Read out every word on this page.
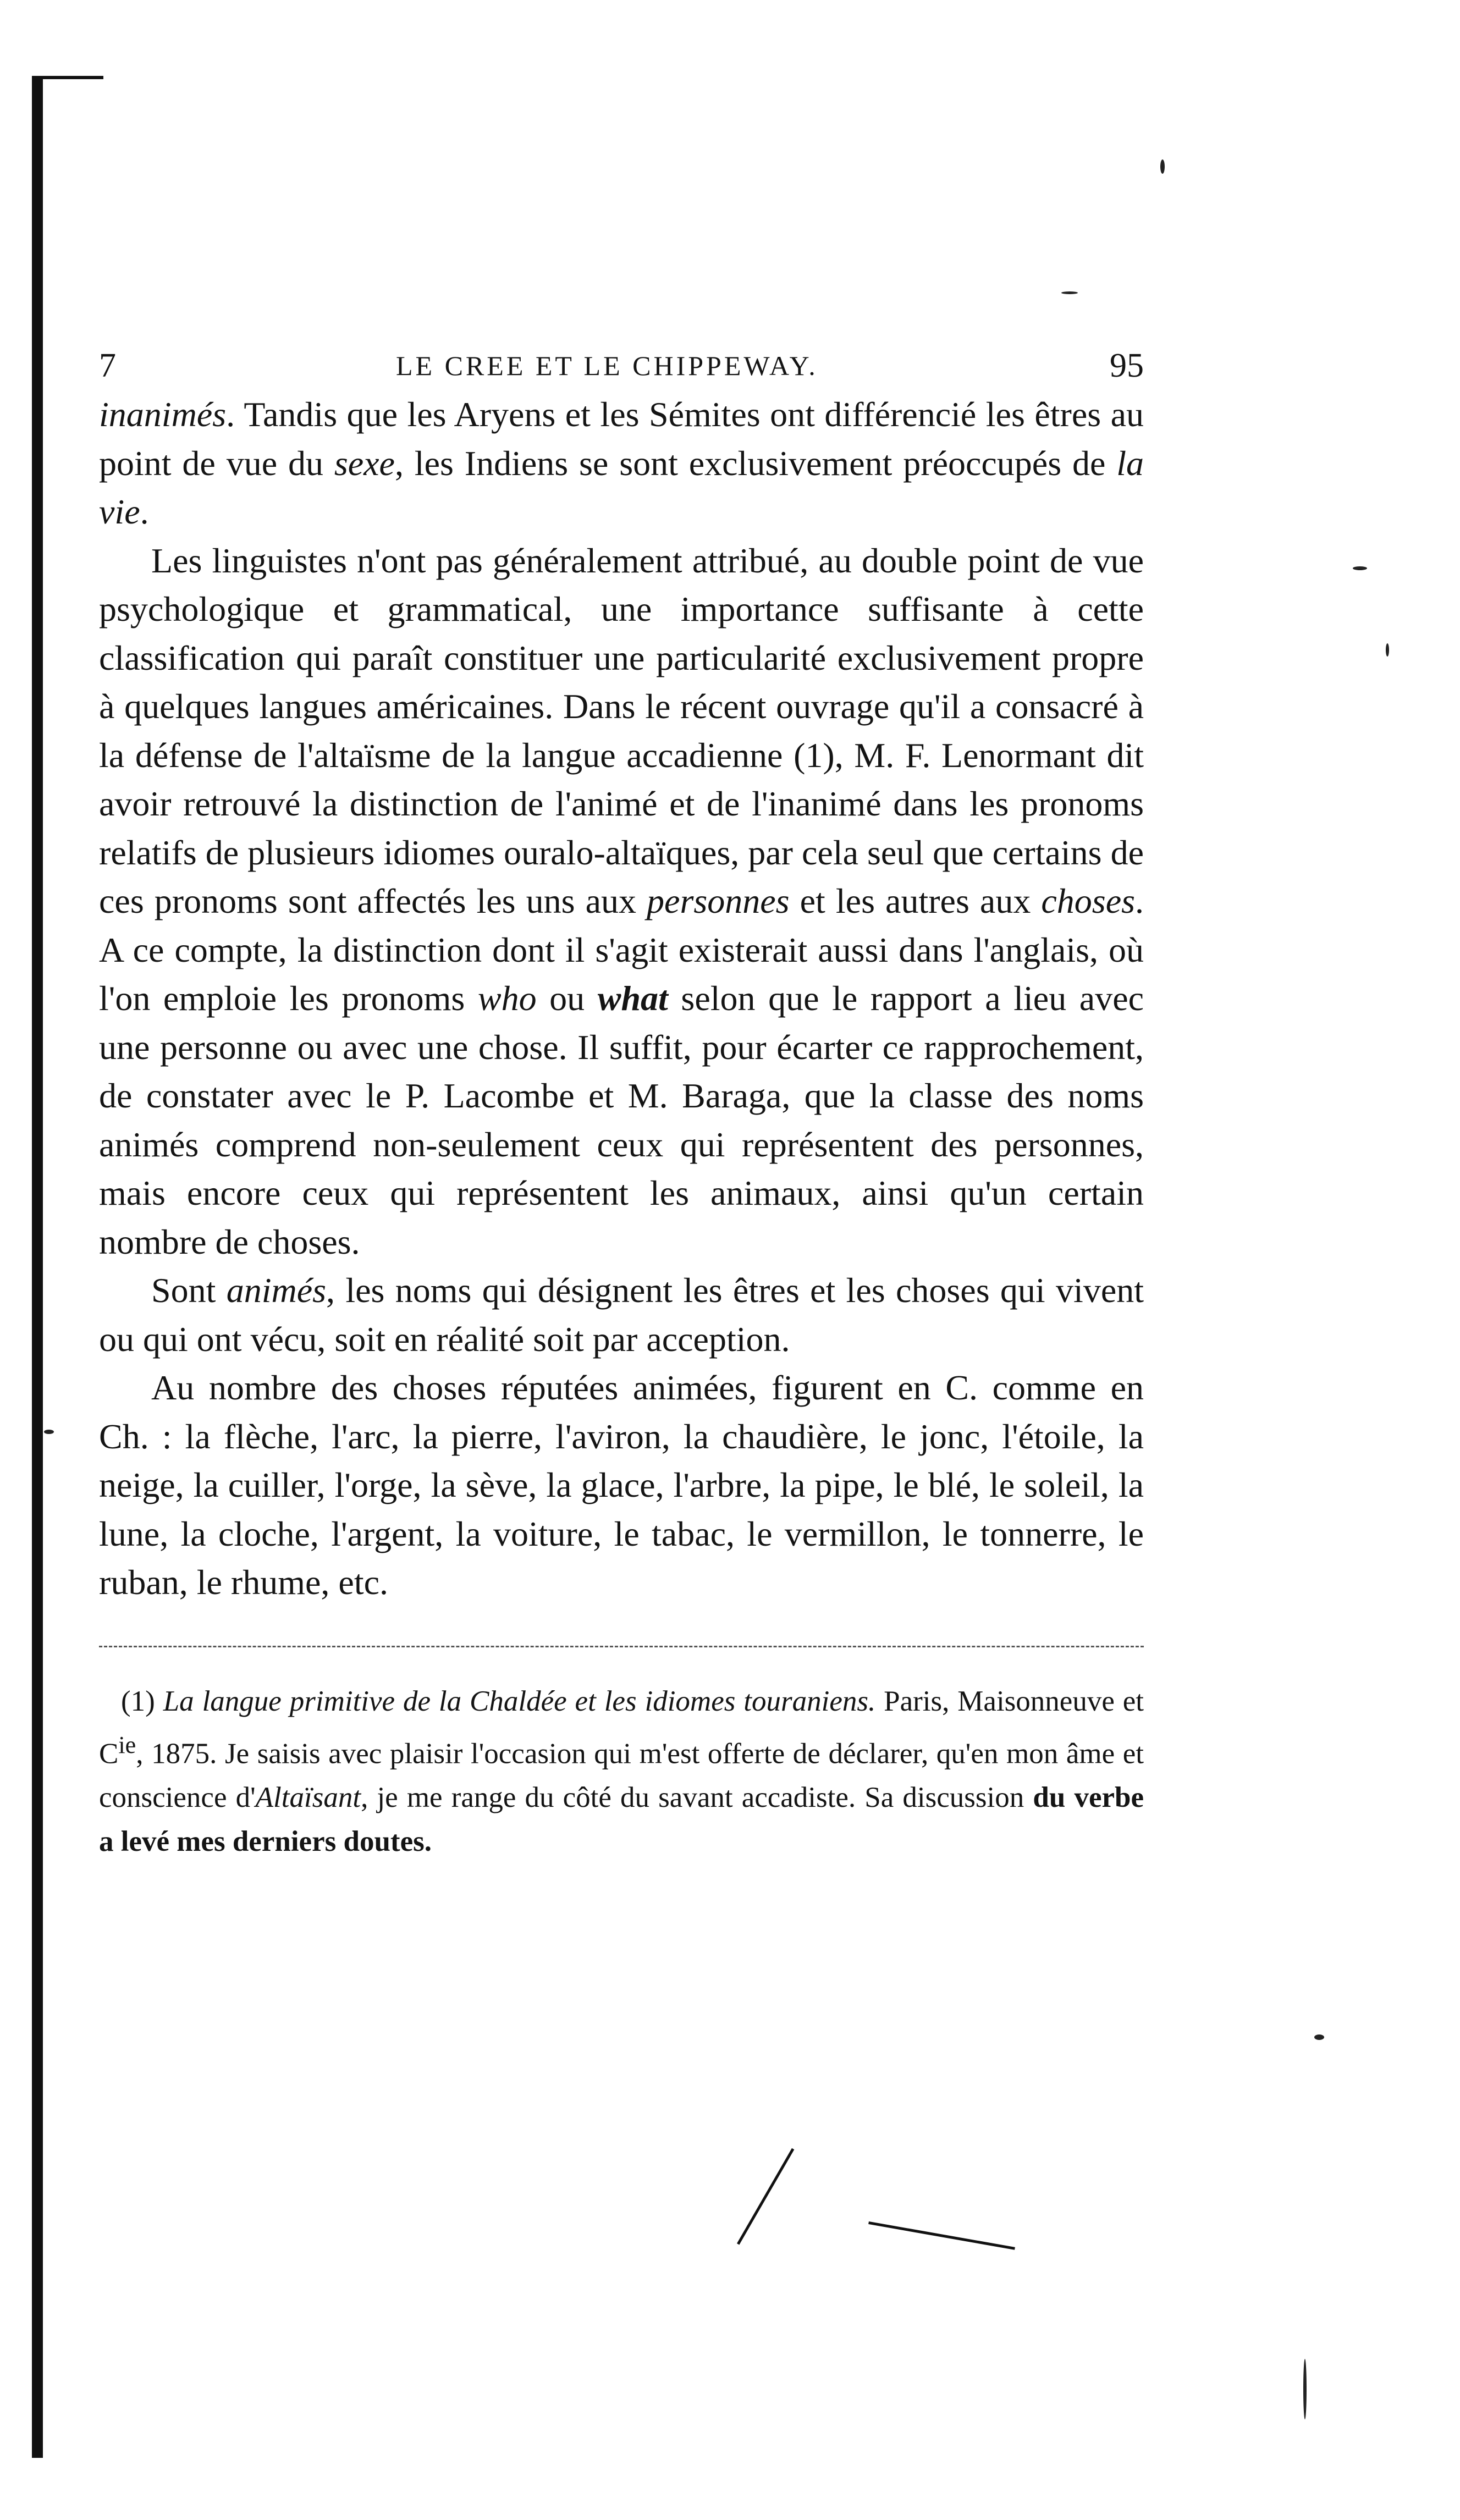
7	LE CREE ET LE CHIPPEWAY.	95

inanimés. Tandis que les Aryens et les Sémites ont différencié les êtres au point de vue du sexe, les Indiens se sont exclusivement préoccupés de la vie.

Les linguistes n'ont pas généralement attribué, au double point de vue psychologique et grammatical, une importance suffisante à cette classification qui paraît constituer une particularité exclusivement propre à quelques langues américaines. Dans le récent ouvrage qu'il a consacré à la défense de l'altaïsme de la langue accadienne (1), M. F. Lenormant dit avoir retrouvé la distinction de l'animé et de l'inanimé dans les pronoms relatifs de plusieurs idiomes ouralo-altaïques, par cela seul que certains de ces pronoms sont affectés les uns aux personnes et les autres aux choses. A ce compte, la distinction dont il s'agit existerait aussi dans l'anglais, où l'on emploie les pronoms who ou what selon que le rapport a lieu avec une personne ou avec une chose. Il suffit, pour écarter ce rapprochement, de constater avec le P. Lacombe et M. Baraga, que la classe des noms animés comprend non-seulement ceux qui représentent des personnes, mais encore ceux qui représentent les animaux, ainsi qu'un certain nombre de choses.

Sont animés, les noms qui désignent les êtres et les choses qui vivent ou qui ont vécu, soit en réalité soit par acception.

Au nombre des choses réputées animées, figurent en C. comme en Ch. : la flèche, l'arc, la pierre, l'aviron, la chaudière, le jonc, l'étoile, la neige, la cuiller, l'orge, la sève, la glace, l'arbre, la pipe, le blé, le soleil, la lune, la cloche, l'argent, la voiture, le tabac, le vermillon, le tonnerre, le ruban, le rhume, etc.

(1) La langue primitive de la Chaldée et les idiomes touraniens. Paris, Maisonneuve et $C^{ie}$, 1875. Je saisis avec plaisir l'occasion qui m'est offerte de déclarer, qu'en mon âme et conscience d'Altaïsant, je me range du côté du savant accadiste. Sa discussion du verbe a levé mes derniers doutes.
